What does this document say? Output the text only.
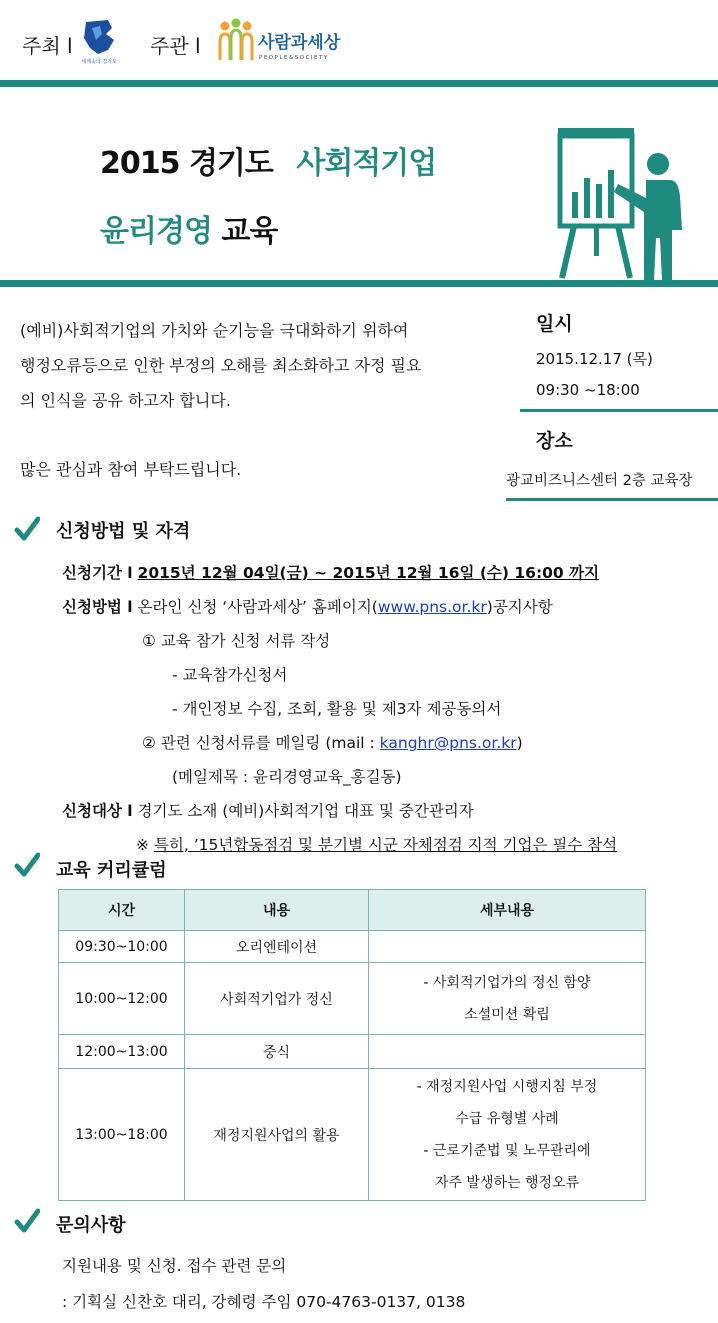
주최 l
세계속의 경기도
주관 l	사람과세상
PEOPLE&SOCIETY
2015 경기도 사회적기업
윤리경영 교육
(예비)사회적기업의 가치와 순기능을 극대화하기 위하여
행정오류등으로 인한 부정의 오해를 최소화하고 자정 필요
의 인식을 공유 하고자 합니다.
많은 관심과 참여 부탁드립니다.
일시
2015.12.17 (목)
09:30 ~18:00
장소
광교비즈니스센터 2층 교육장
신청방법 및 자격
신청기간 l 2015년 12월 04일(금) ~ 2015년 12월 16일 (수) 16:00 까지
신청방법 l 온라인 신청 ‘사람과세상’ 홈페이지(www.pns.or.kr)공지사항
① 교육 참가 신청 서류 작성
- 교육참가신청서
- 개인정보 수집, 조회, 활용 및 제3자 제공동의서
② 관련 신청서류를 메일링 (mail : kanghr@pns.or.kr)
(메일제목 : 윤리경영교육_홍길동)
신청대상 l 경기도 소재 (예비)사회적기업 대표 및 중간관리자
※ 특히, ’15년합동점검 및 분기별 시군 자체점검 지적 기업은 필수 참석
교육 커리큘럼
시간	내용	세부내용
09:30~10:00	오리엔테이션	
10:00~12:00	사회적기업가 정신	- 사회적기업가의 정신 함양
소셜미션 확립

12:00~13:00	중식	
13:00~18:00	재정지원사업의 활용	- 재정지원사업 시행지침 부정
수급 유형별 사례
- 근로기준법 및 노무관리에
자주 발생하는 행정오류
문의사항
지원내용 및 신청. 접수 관련 문의
: 기획실 신찬호 대리, 강혜령 주임 070-4763-0137, 0138
